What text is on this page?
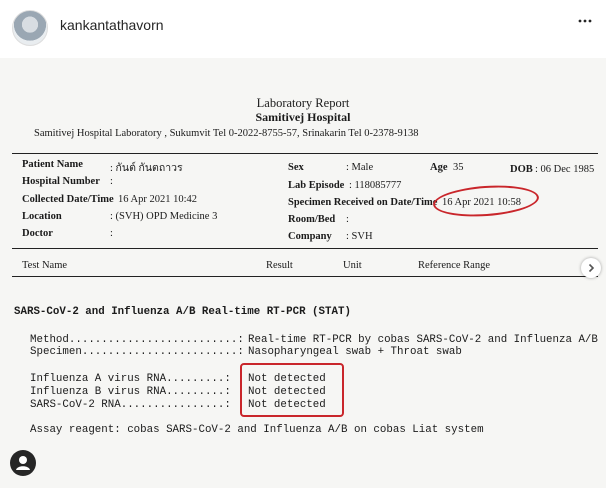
kankantathavorn
Laboratory Report
Samitivej Hospital
Samitivej Hospital Laboratory , Sukumvit Tel 0-2022-8755-57, Srinakarin Tel 0-2378-9138
Patient Name	: กันต์ กันตถาวร
Hospital Number :
Collected Date/Time 16 Apr 2021 10:42
Location	: (SVH) OPD Medicine 3
Doctor	:
Sex	: Male	Age 35	DOB : 06 Dec 1985
Lab Episode : 118085777
Specimen Received on Date/Time 16 Apr 2021 10:58
Room/Bed :
Company : SVH
Test Name	Result	Unit	Reference Range
SARS-CoV-2 and Influenza A/B Real-time RT-PCR (STAT)
Method..........................: Real-time RT-PCR by cobas SARS-CoV-2 and Influenza A/B
Specimen........................: Nasopharyngeal swab + Throat swab
Influenza A virus RNA.........: Not detected
Influenza B virus RNA.........: Not detected
SARS-CoV-2 RNA................: Not detected
Assay reagent: cobas SARS-CoV-2 and Influenza A/B on cobas Liat system
